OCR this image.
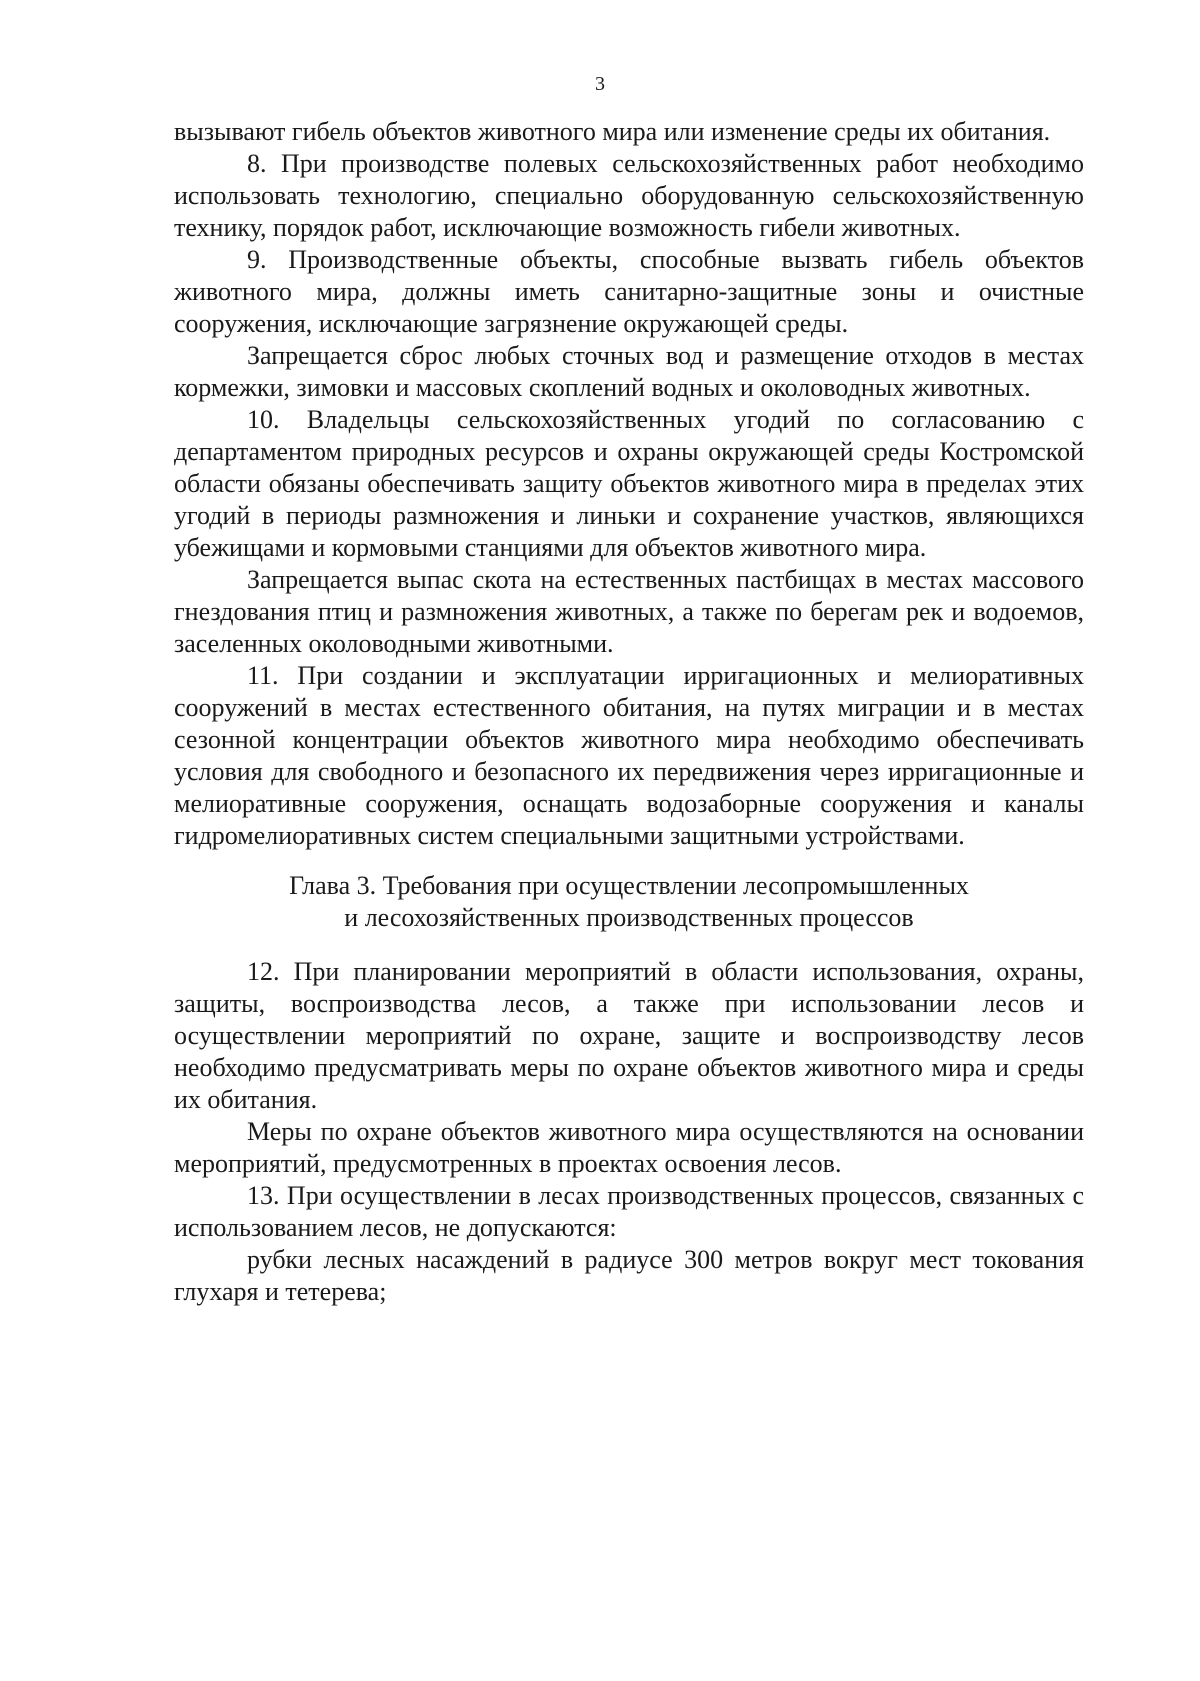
3

вызывают гибель объектов животного мира или изменение среды их обитания.

8. При производстве полевых сельскохозяйственных работ необходимо использовать технологию, специально оборудованную сельскохозяйственную технику, порядок работ, исключающие возможность гибели животных.

9. Производственные объекты, способные вызвать гибель объектов животного мира, должны иметь санитарно-защитные зоны и очистные сооружения, исключающие загрязнение окружающей среды.

Запрещается сброс любых сточных вод и размещение отходов в местах кормежки, зимовки и массовых скоплений водных и околоводных животных.

10. Владельцы сельскохозяйственных угодий по согласованию с департаментом природных ресурсов и охраны окружающей среды Костромской области обязаны обеспечивать защиту объектов животного мира в пределах этих угодий в периоды размножения и линьки и сохранение участков, являющихся убежищами и кормовыми станциями для объектов животного мира.

Запрещается выпас скота на естественных пастбищах в местах массового гнездования птиц и размножения животных, а также по берегам рек и водоемов, заселенных околоводными животными.

11. При создании и эксплуатации ирригационных и мелиоративных сооружений в местах естественного обитания, на путях миграции и в местах сезонной концентрации объектов животного мира необходимо обеспечивать условия для свободного и безопасного их передвижения через ирригационные и мелиоративные сооружения, оснащать водозаборные сооружения и каналы гидромелиоративных систем специальными защитными устройствами.

Глава 3. Требования при осуществлении лесопромышленных
и лесохозяйственных производственных процессов

12. При планировании мероприятий в области использования, охраны, защиты, воспроизводства лесов, а также при использовании лесов и осуществлении мероприятий по охране, защите и воспроизводству лесов необходимо предусматривать меры по охране объектов животного мира и среды их обитания.

Меры по охране объектов животного мира осуществляются на основании мероприятий, предусмотренных в проектах освоения лесов.

13. При осуществлении в лесах производственных процессов, связанных с использованием лесов, не допускаются:

рубки лесных насаждений в радиусе 300 метров вокруг мест токования глухаря и тетерева;
